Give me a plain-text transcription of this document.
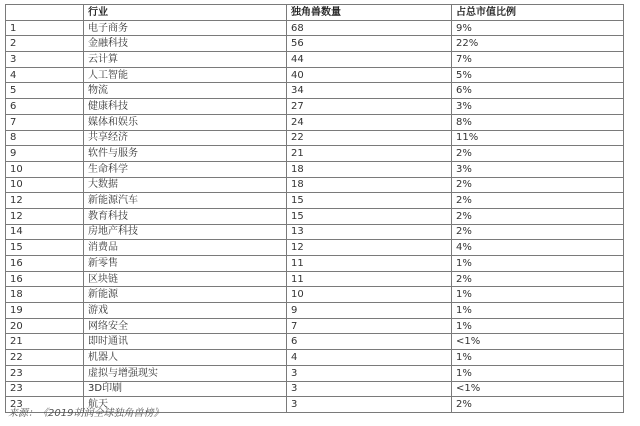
	行业	独角兽数量	占总市值比例
1	电子商务	68	9%
2	金融科技	56	22%
3	云计算	44	7%
4	人工智能	40	5%
5	物流	34	6%
6	健康科技	27	3%
7	媒体和娱乐	24	8%
8	共享经济	22	11%
9	软件与服务	21	2%
10	生命科学	18	3%
10	大数据	18	2%
12	新能源汽车	15	2%
12	教育科技	15	2%
14	房地产科技	13	2%
15	消费品	12	4%
16	新零售	11	1%
16	区块链	11	2%
18	新能源	10	1%
19	游戏	9	1%
20	网络安全	7	1%
21	即时通讯	6	<1%
22	机器人	4	1%
23	虚拟与增强现实	3	1%
23	3D印刷	3	<1%
23	航天	3	2%
来源：《2019胡润全球独角兽榜》
